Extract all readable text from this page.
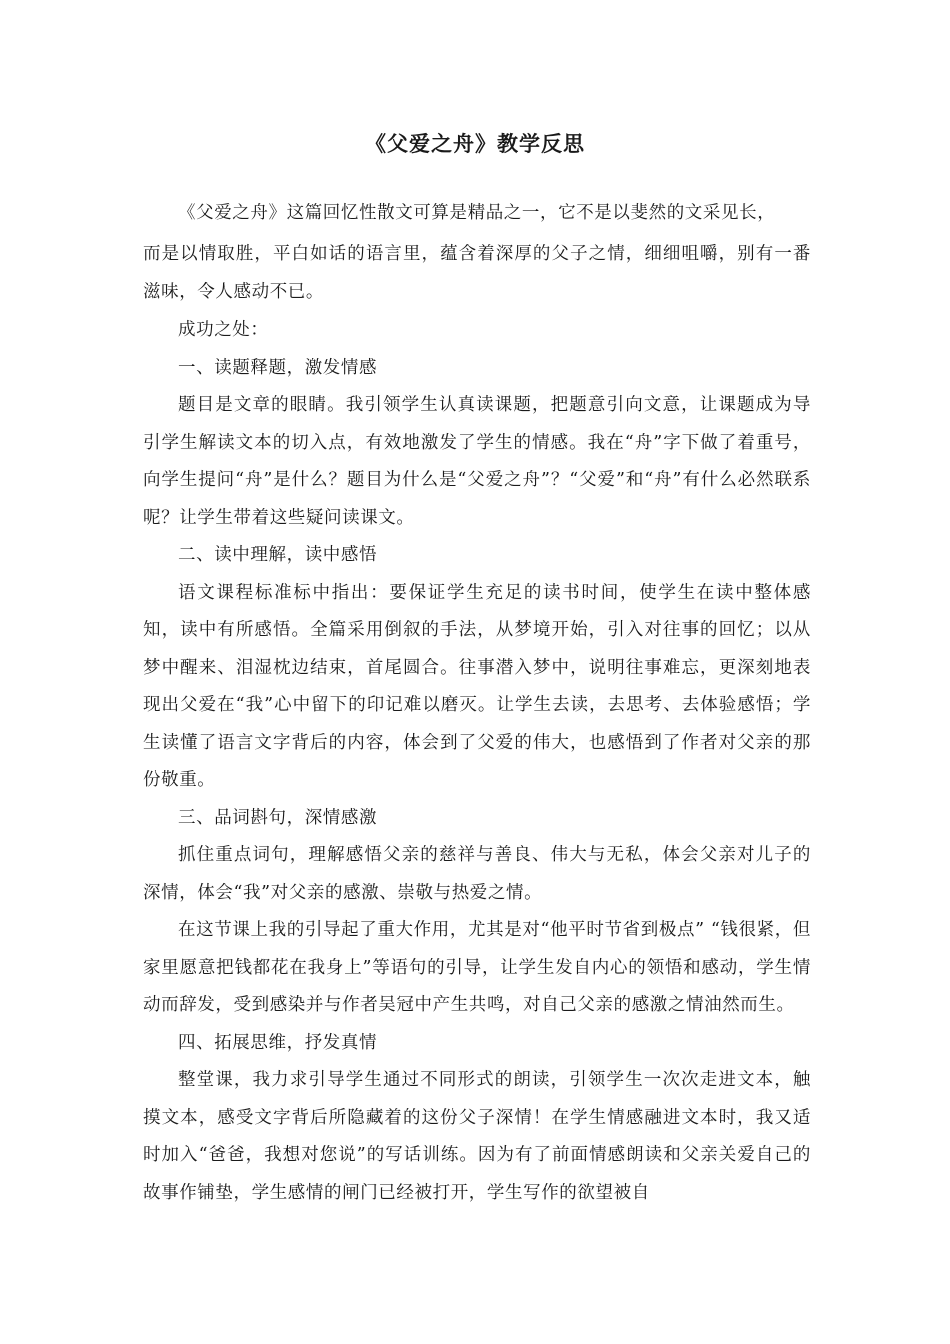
《父爱之舟》教学反思

《父爱之舟》这篇回忆性散文可算是精品之一，它不是以斐然的文采见长，

而是以情取胜，平白如话的语言里，蕴含着深厚的父子之情，细细咀嚼，别有一番滋味，令人感动不已。

成功之处：

一、读题释题，激发情感

题目是文章的眼睛。我引领学生认真读课题，把题意引向文意，让课题成为导引学生解读文本的切入点，有效地激发了学生的情感。我在“舟”字下做了着重号，向学生提问“舟”是什么？题目为什么是“父爱之舟”？“父爱”和“舟”有什么必然联系呢？让学生带着这些疑问读课文。

二、读中理解，读中感悟

语文课程标准标中指出：要保证学生充足的读书时间，使学生在读中整体感知，读中有所感悟。全篇采用倒叙的手法，从梦境开始，引入对往事的回忆；以从梦中醒来、泪湿枕边结束，首尾圆合。往事潜入梦中，说明往事难忘，更深刻地表现出父爱在“我”心中留下的印记难以磨灭。让学生去读，去思考、去体验感悟；学生读懂了语言文字背后的内容，体会到了父爱的伟大，也感悟到了作者对父亲的那份敬重。

三、品词斟句，深情感激

抓住重点词句，理解感悟父亲的慈祥与善良、伟大与无私，体会父亲对儿子的深情，体会“我”对父亲的感激、崇敬与热爱之情。

在这节课上我的引导起了重大作用，尤其是对“他平时节省到极点” “钱很紧，但家里愿意把钱都花在我身上”等语句的引导，让学生发自内心的领悟和感动，学生情动而辞发，受到感染并与作者吴冠中产生共鸣，对自己父亲的感激之情油然而生。

四、拓展思维，抒发真情

整堂课，我力求引导学生通过不同形式的朗读，引领学生一次次走进文本，触摸文本，感受文字背后所隐藏着的这份父子深情！在学生情感融进文本时，我又适时加入“爸爸，我想对您说”的写话训练。因为有了前面情感朗读和父亲关爱自己的故事作铺垫，学生感情的闸门已经被打开，学生写作的欲望被自
